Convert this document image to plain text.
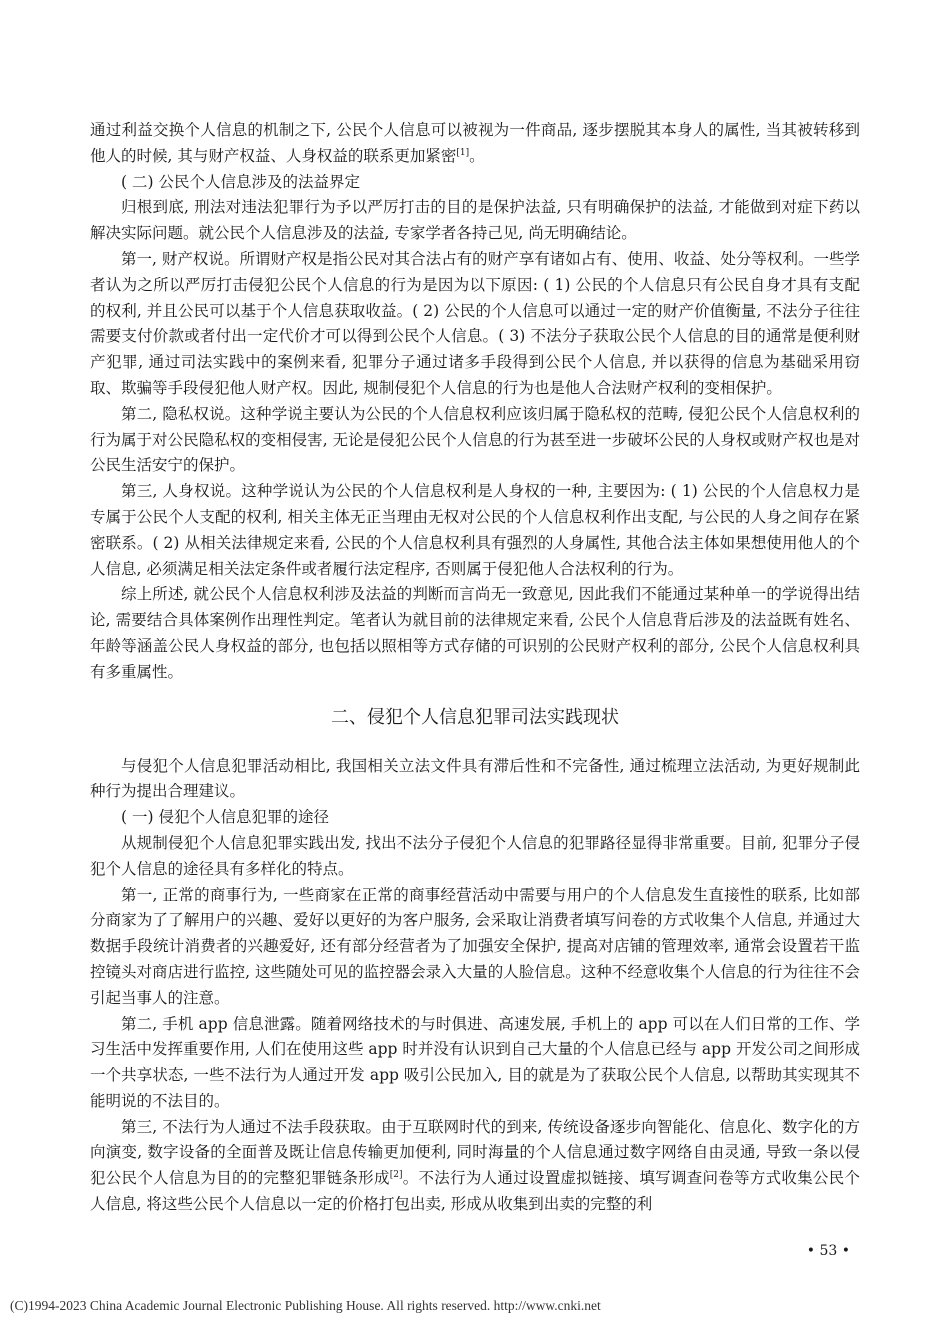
通过利益交换个人信息的机制之下, 公民个人信息可以被视为一件商品, 逐步摆脱其本身人的属性, 当其被转移到他人的时候, 其与财产权益、人身权益的联系更加紧密[1]。

( 二) 公民个人信息涉及的法益界定

归根到底, 刑法对违法犯罪行为予以严厉打击的目的是保护法益, 只有明确保护的法益, 才能做到对症下药以解决实际问题。就公民个人信息涉及的法益, 专家学者各持己见, 尚无明确结论。

第一, 财产权说。所谓财产权是指公民对其合法占有的财产享有诸如占有、使用、收益、处分等权利。一些学者认为之所以严厉打击侵犯公民个人信息的行为是因为以下原因: ( 1) 公民的个人信息只有公民自身才具有支配的权利, 并且公民可以基于个人信息获取收益。( 2) 公民的个人信息可以通过一定的财产价值衡量, 不法分子往往需要支付价款或者付出一定代价才可以得到公民个人信息。( 3) 不法分子获取公民个人信息的目的通常是便利财产犯罪, 通过司法实践中的案例来看, 犯罪分子通过诸多手段得到公民个人信息, 并以获得的信息为基础采用窃取、欺骗等手段侵犯他人财产权。因此, 规制侵犯个人信息的行为也是他人合法财产权利的变相保护。

第二, 隐私权说。这种学说主要认为公民的个人信息权利应该归属于隐私权的范畴, 侵犯公民个人信息权利的行为属于对公民隐私权的变相侵害, 无论是侵犯公民个人信息的行为甚至进一步破坏公民的人身权或财产权也是对公民生活安宁的保护。

第三, 人身权说。这种学说认为公民的个人信息权利是人身权的一种, 主要因为: ( 1) 公民的个人信息权力是专属于公民个人支配的权利, 相关主体无正当理由无权对公民的个人信息权利作出支配, 与公民的人身之间存在紧密联系。( 2) 从相关法律规定来看, 公民的个人信息权利具有强烈的人身属性, 其他合法主体如果想使用他人的个人信息, 必须满足相关法定条件或者履行法定程序, 否则属于侵犯他人合法权利的行为。

综上所述, 就公民个人信息权利涉及法益的判断而言尚无一致意见, 因此我们不能通过某种单一的学说得出结论, 需要结合具体案例作出理性判定。笔者认为就目前的法律规定来看, 公民个人信息背后涉及的法益既有姓名、年龄等涵盖公民人身权益的部分, 也包括以照相等方式存储的可识别的公民财产权利的部分, 公民个人信息权利具有多重属性。

二、侵犯个人信息犯罪司法实践现状

与侵犯个人信息犯罪活动相比, 我国相关立法文件具有滞后性和不完备性, 通过梳理立法活动, 为更好规制此种行为提出合理建议。

( 一) 侵犯个人信息犯罪的途径

从规制侵犯个人信息犯罪实践出发, 找出不法分子侵犯个人信息的犯罪路径显得非常重要。目前, 犯罪分子侵犯个人信息的途径具有多样化的特点。

第一, 正常的商事行为, 一些商家在正常的商事经营活动中需要与用户的个人信息发生直接性的联系, 比如部分商家为了了解用户的兴趣、爱好以更好的为客户服务, 会采取让消费者填写问卷的方式收集个人信息, 并通过大数据手段统计消费者的兴趣爱好, 还有部分经营者为了加强安全保护, 提高对店铺的管理效率, 通常会设置若干监控镜头对商店进行监控, 这些随处可见的监控器会录入大量的人脸信息。这种不经意收集个人信息的行为往往不会引起当事人的注意。

第二, 手机 app 信息泄露。随着网络技术的与时俱进、高速发展, 手机上的 app 可以在人们日常的工作、学习生活中发挥重要作用, 人们在使用这些 app 时并没有认识到自己大量的个人信息已经与 app 开发公司之间形成一个共享状态, 一些不法行为人通过开发 app 吸引公民加入, 目的就是为了获取公民个人信息, 以帮助其实现其不能明说的不法目的。

第三, 不法行为人通过不法手段获取。由于互联网时代的到来, 传统设备逐步向智能化、信息化、数字化的方向演变, 数字设备的全面普及既让信息传输更加便利, 同时海量的个人信息通过数字网络自由灵通, 导致一条以侵犯公民个人信息为目的的完整犯罪链条形成[2]。不法行为人通过设置虚拟链接、填写调查问卷等方式收集公民个人信息, 将这些公民个人信息以一定的价格打包出卖, 形成从收集到出卖的完整的利

• 53 •
(C)1994-2023 China Academic Journal Electronic Publishing House. All rights reserved. http://www.cnki.net
